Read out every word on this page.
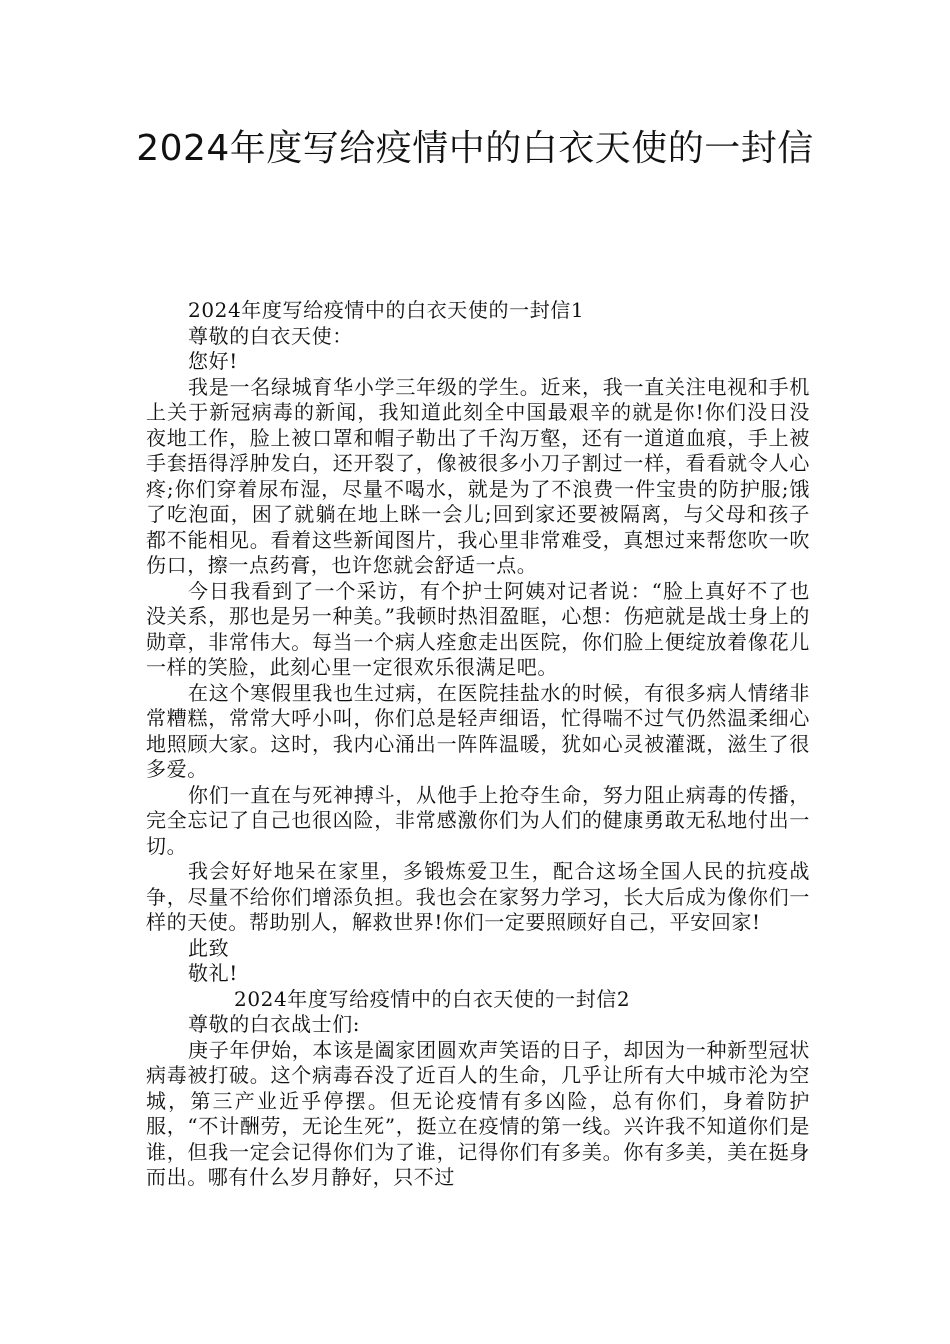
2024年度写给疫情中的白衣天使的一封信

2024年度写给疫情中的白衣天使的一封信1

尊敬的白衣天使：

您好!

我是一名绿城育华小学三年级的学生。近来，我一直关注电视和手机上关于新冠病毒的新闻，我知道此刻全中国最艰辛的就是你!你们没日没夜地工作，脸上被口罩和帽子勒出了千沟万壑，还有一道道血痕，手上被手套捂得浮肿发白，还开裂了，像被很多小刀子割过一样，看看就令人心疼;你们穿着尿布湿，尽量不喝水，就是为了不浪费一件宝贵的防护服;饿了吃泡面，困了就躺在地上眯一会儿;回到家还要被隔离，与父母和孩子都不能相见。看着这些新闻图片，我心里非常难受，真想过来帮您吹一吹伤口，擦一点药膏，也许您就会舒适一点。

今日我看到了一个采访，有个护士阿姨对记者说：“脸上真好不了也没关系，那也是另一种美。”我顿时热泪盈眶，心想：伤疤就是战士身上的勋章，非常伟大。每当一个病人痊愈走出医院，你们脸上便绽放着像花儿一样的笑脸，此刻心里一定很欢乐很满足吧。

在这个寒假里我也生过病，在医院挂盐水的时候，有很多病人情绪非常糟糕，常常大呼小叫，你们总是轻声细语，忙得喘不过气仍然温柔细心地照顾大家。这时，我内心涌出一阵阵温暖，犹如心灵被灌溉，滋生了很多爱。

你们一直在与死神搏斗，从他手上抢夺生命，努力阻止病毒的传播，完全忘记了自己也很凶险，非常感激你们为人们的健康勇敢无私地付出一切。

我会好好地呆在家里，多锻炼爱卫生，配合这场全国人民的抗疫战争，尽量不给你们增添负担。我也会在家努力学习，长大后成为像你们一样的天使。帮助别人，解救世界!你们一定要照顾好自己，平安回家!

此致

敬礼!

2024年度写给疫情中的白衣天使的一封信2

尊敬的白衣战士们:

庚子年伊始，本该是阖家团圆欢声笑语的日子，却因为一种新型冠状病毒被打破。这个病毒吞没了近百人的生命，几乎让所有大中城市沦为空城，第三产业近乎停摆。但无论疫情有多凶险，总有你们，身着防护服，“不计酬劳，无论生死”，挺立在疫情的第一线。兴许我不知道你们是谁，但我一定会记得你们为了谁，记得你们有多美。你有多美，美在挺身而出。哪有什么岁月静好，只不过
